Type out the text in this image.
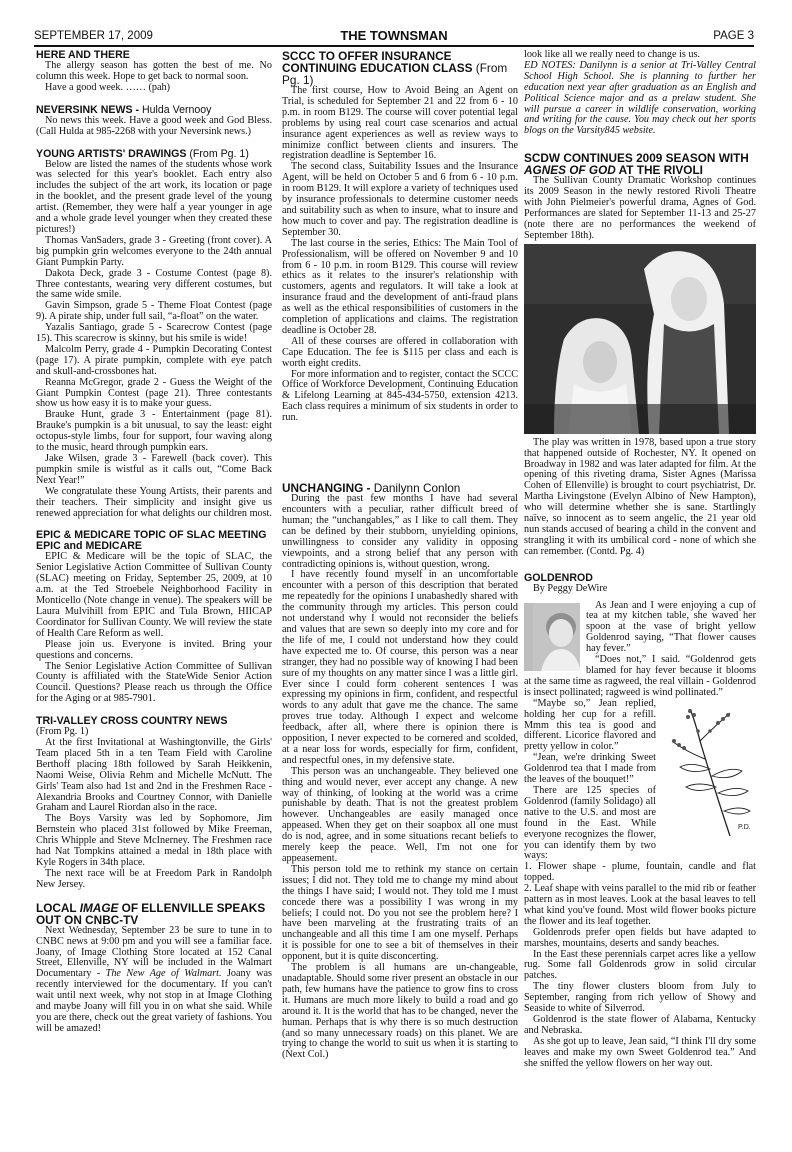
SEPTEMBER 17, 2009	THE TOWNSMAN	PAGE 3
HERE AND THERE

The allergy season has gotten the best of me. No column this week. Hope to get back to normal soon.

Have a good week. …… (pah)

NEVERSINK NEWS - Hulda Vernooy

No news this week. Have a good week and God Bless. (Call Hulda at 985-2268 with your Neversink news.)

YOUNG ARTISTS' DRAWINGS (From Pg. 1)

Below are listed the names of the students whose work was selected for this year's booklet. Each entry also includes the subject of the art work, its location or page in the booklet, and the present grade level of the young artist. (Remember, they were half a year younger in age and a whole grade level younger when they created these pictures!)

Thomas VanSaders, grade 3 - Greeting (front cover). A big pumpkin grin welcomes everyone to the 24th annual Giant Pumpkin Party.

Dakota Deck, grade 3 - Costume Contest (page 8). Three contestants, wearing very different costumes, but the same wide smile.

Gavin Simpson, grade 5 - Theme Float Contest (page 9). A pirate ship, under full sail, “a-float” on the water.

Yazalis Santiago, grade 5 - Scarecrow Contest (page 15). This scarecrow is skinny, but his smile is wide!

Malcolm Perry, grade 4 - Pumpkin Decorating Contest (page 17). A pirate pumpkin, complete with eye patch and skull-and-crossbones hat.

Reanna McGregor, grade 2 - Guess the Weight of the Giant Pumpkin Contest (page 21). Three contestants show us how easy it is to make your guess.

Brauke Hunt, grade 3 - Entertainment (page 81). Brauke's pumpkin is a bit unusual, to say the least: eight octopus-style limbs, four for support, four waving along to the music, heard through pumpkin ears.

Jake Wilsen, grade 3 - Farewell (back cover). This pumpkin smile is wistful as it calls out, “Come Back Next Year!”

We congratulate these Young Artists, their parents and their teachers. Their simplicity and insight give us renewed appreciation for what delights our children most.

EPIC & MEDICARE TOPIC OF SLAC MEETING EPIC and MEDICARE

EPIC & Medicare will be the topic of SLAC, the Senior Legislative Action Committee of Sullivan County (SLAC) meeting on Friday, September 25, 2009, at 10 a.m. at the Ted Stroebele Neighborhood Facility in Monticello (Note change in venue). The speakers will be Laura Mulvihill from EPIC and Tula Brown, HIICAP Coordinator for Sullivan County. We will review the state of Health Care Reform as well.

Please join us. Everyone is invited. Bring your questions and concerns.

The Senior Legislative Action Committee of Sullivan County is affiliated with the StateWide Senior Action Council. Questions? Please reach us through the Office for the Aging or at 985-7901.

TRI-VALLEY CROSS COUNTRY NEWS

(From Pg. 1)

At the first Invitational at Washingtonville, the Girls' Team placed 5th in a ten Team Field with Caroline Berthoff placing 18th followed by Sarah Heikkenin, Naomi Weise, Olivia Rehm and Michelle McNutt. The Girls' Team also had 1st and 2nd in the Freshmen Race - Alexandria Brooks and Courtney Connor, with Danielle Graham and Laurel Riordan also in the race.

The Boys Varsity was led by Sophomore, Jim Bernstein who placed 31st followed by Mike Freeman, Chris Whipple and Steve McInerney. The Freshmen race had Nat Tompkins attained a medal in 18th place with Kyle Rogers in 34th place.

The next race will be at Freedom Park in Randolph New Jersey.

LOCAL IMAGE OF ELLENVILLE SPEAKS OUT ON CNBC-TV

Next Wednesday, September 23 be sure to tune in to CNBC news at 9:00 pm and you will see a familiar face. Joany, of Image Clothing Store located at 152 Canal Street, Ellenville, NY will be included in the Walmart Documentary - The New Age of Walmart. Joany was recently interviewed for the documentary. If you can't wait until next week, why not stop in at Image Clothing and maybe Joany will fill you in on what she said. While you are there, check out the great variety of fashions. You will be amazed!

SCCC TO OFFER INSURANCE CONTINUING EDUCATION CLASS (From Pg. 1)

The first course, How to Avoid Being an Agent on Trial, is scheduled for September 21 and 22 from 6 - 10 p.m. in room B129. The course will cover potential legal problems by using real court case scenarios and actual insurance agent experiences as well as review ways to minimize conflict between clients and insurers. The registration deadline is September 16.

The second class, Suitability Issues and the Insurance Agent, will be held on October 5 and 6 from 6 - 10 p.m. in room B129. It will explore a variety of techniques used by insurance professionals to determine customer needs and suitability such as when to insure, what to insure and how much to cover and pay. The registration deadline is September 30.

The last course in the series, Ethics: The Main Tool of Professionalism, will be offered on November 9 and 10 from 6 - 10 p.m. in room B129. This course will review ethics as it relates to the insurer's relationship with customers, agents and regulators. It will take a look at insurance fraud and the development of anti-fraud plans as well as the ethical responsibilities of customers in the completion of applications and claims. The registration deadline is October 28.

All of these courses are offered in collaboration with Cape Education. The fee is $115 per class and each is worth eight credits.

For more information and to register, contact the SCCC Office of Workforce Development, Continuing Education & Lifelong Learning at 845-434-5750, extension 4213. Each class requires a minimum of six students in order to run.

UNCHANGING - Danilynn Conlon

During the past few months I have had several encounters with a peculiar, rather difficult breed of human; the “unchangables,” as I like to call them. They can be defined by their stubborn, unyielding opinions, unwillingness to consider any validity in opposing viewpoints, and a strong belief that any person with contradicting opinions is, without question, wrong.

I have recently found myself in an uncomfortable encounter with a person of this description that berated me repeatedly for the opinions I unabashedly shared with the community through my articles. This person could not understand why I would not reconsider the beliefs and values that are sewn so deeply into my core and for the life of me, I could not understand how they could have expected me to. Of course, this person was a near stranger, they had no possible way of knowing I had been sure of my thoughts on any matter since I was a little girl. Ever since I could form coherent sentences I was expressing my opinions in firm, confident, and respectful words to any adult that gave me the chance. The same proves true today. Although I expect and welcome feedback, after all, where there is opinion there is opposition, I never expected to be cornered and scolded, at a near loss for words, especially for firm, confident, and respectful ones, in my defensive state.

This person was an unchangeable. They believed one thing and would never, ever accept any change. A new way of thinking, of looking at the world was a crime punishable by death. That is not the greatest problem however. Unchangeables are easily managed once appeased. When they get on their soapbox all one must do is nod, agree, and in some situations recant beliefs to merely keep the peace. Well, I'm not one for appeasement.

This person told me to rethink my stance on certain issues; I did not. They told me to change my mind about the things I have said; I would not. They told me I must concede there was a possibility I was wrong in my beliefs; I could not. Do you not see the problem here? I have been marveling at the frustrating traits of an unchangeable and all this time I am one myself. Perhaps it is possible for one to see a bit of themselves in their opponent, but it is quite disconcerting.

The problem is all humans are un-changeable, unadaptable. Should some river present an obstacle in our path, few humans have the patience to grow fins to cross it. Humans are much more likely to build a road and go around it. It is the world that has to be changed, never the human. Perhaps that is why there is so much destruction (and so many unnecessary roads) on this planet. We are trying to change the world to suit us when it is starting to (Next Col.)

look like all we really need to change is us.

ED NOTES: Danilynn is a senior at Tri-Valley Central School High School. She is planning to further her education next year after graduation as an English and Political Science major and as a prelaw student. She will pursue a career in wildlife conservation, working and writing for the cause. You may check out her sports blogs on the Varsity845 website.

SCDW CONTINUES 2009 SEASON WITH AGNES OF GOD AT THE RIVOLI

The Sullivan County Dramatic Workshop continues its 2009 Season in the newly restored Rivoli Theatre with John Pielmeier's powerful drama, Agnes of God. Performances are slated for September 11-13 and 25-27 (note there are no performances the weekend of September 18th).

The play was written in 1978, based upon a true story that happened outside of Rochester, NY. It opened on Broadway in 1982 and was later adapted for film. At the opening of this riveting drama, Sister Agnes (Marissa Cohen of Ellenville) is brought to court psychiatrist, Dr. Martha Livingstone (Evelyn Albino of New Hampton), who will determine whether she is sane. Startlingly naïve, so innocent as to seem angelic, the 21 year old nun stands accused of bearing a child in the convent and strangling it with its umbilical cord - none of which she can remember. (Contd. Pg. 4)

GOLDENROD

By Peggy DeWire

As Jean and I were enjoying a cup of tea at my kitchen table, she waved her spoon at the vase of bright yellow Goldenrod saying, “That flower causes hay fever.”

“Does not,” I said. “Goldenrod gets blamed for hay fever because it blooms at the same time as ragweed, the real villain - Goldenrod is insect pollinated; ragweed is wind pollinated.”

P.D.
“Maybe so,” Jean replied, holding her cup for a refill. Mmm this tea is good and different. Licorice flavored and pretty yellow in color.”

“Jean, we're drinking Sweet Goldenrod tea that I made from the leaves of the bouquet!”

There are 125 species of Goldenrod (family Solidago) all native to the U.S. and most are found in the East. While everyone recognizes the flower, you can identify them by two ways:

1. Flower shape - plume, fountain, candle and flat topped.

2. Leaf shape with veins parallel to the mid rib or feather pattern as in most leaves. Look at the basal leaves to tell what kind you've found. Most wild flower books picture the flower and its leaf together.

Goldenrods prefer open fields but have adapted to marshes, mountains, deserts and sandy beaches.

In the East these perennials carpet acres like a yellow rug. Some fall Goldenrods grow in solid circular patches.

The tiny flower clusters bloom from July to September, ranging from rich yellow of Showy and Seaside to white of Silverrod.

Goldenrod is the state flower of Alabama, Kentucky and Nebraska.

As she got up to leave, Jean said, “I think I'll dry some leaves and make my own Sweet Goldenrod tea.” And she sniffed the yellow flowers on her way out.
